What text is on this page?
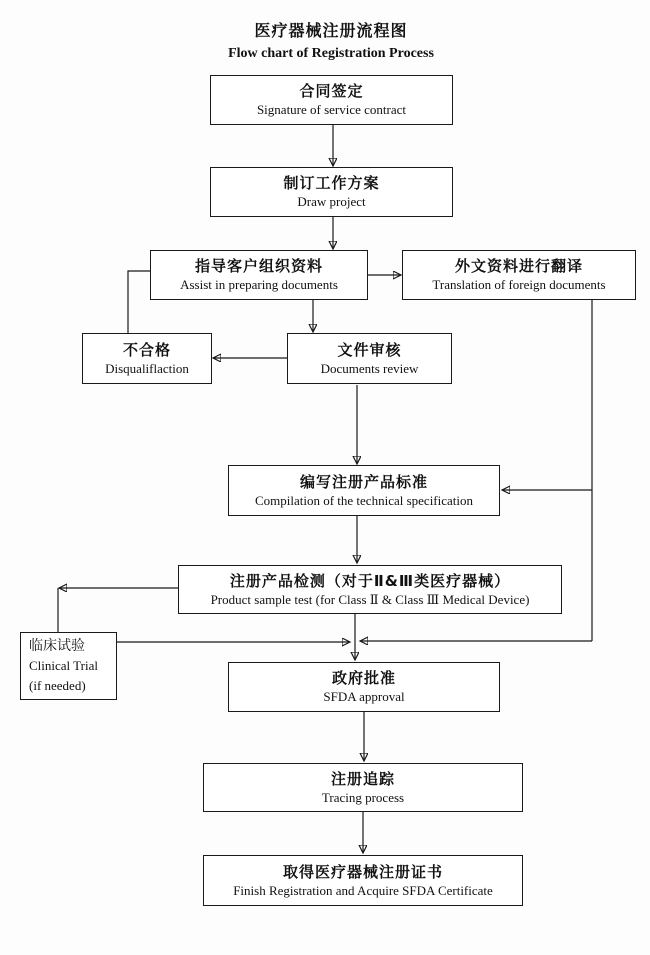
医疗器械注册流程图
Flow chart of Registration Process
合同签定
Signature of service contract
制订工作方案
Draw project
指导客户组织资料
Assist in preparing documents
外文资料进行翻译
Translation of foreign documents
不合格
Disqualiflaction
文件审核
Documents review
编写注册产品标准
Compilation of the technical specification
注册产品检测（对于Ⅱ&Ⅲ类医疗器械）
Product sample test (for Class Ⅱ & Class Ⅲ Medical Device)
临床试验
Clinical Trial
(if needed)	政府批准
SFDA approval
注册追踪
Tracing process
取得医疗器械注册证书
Finish Registration and Acquire SFDA Certificate
